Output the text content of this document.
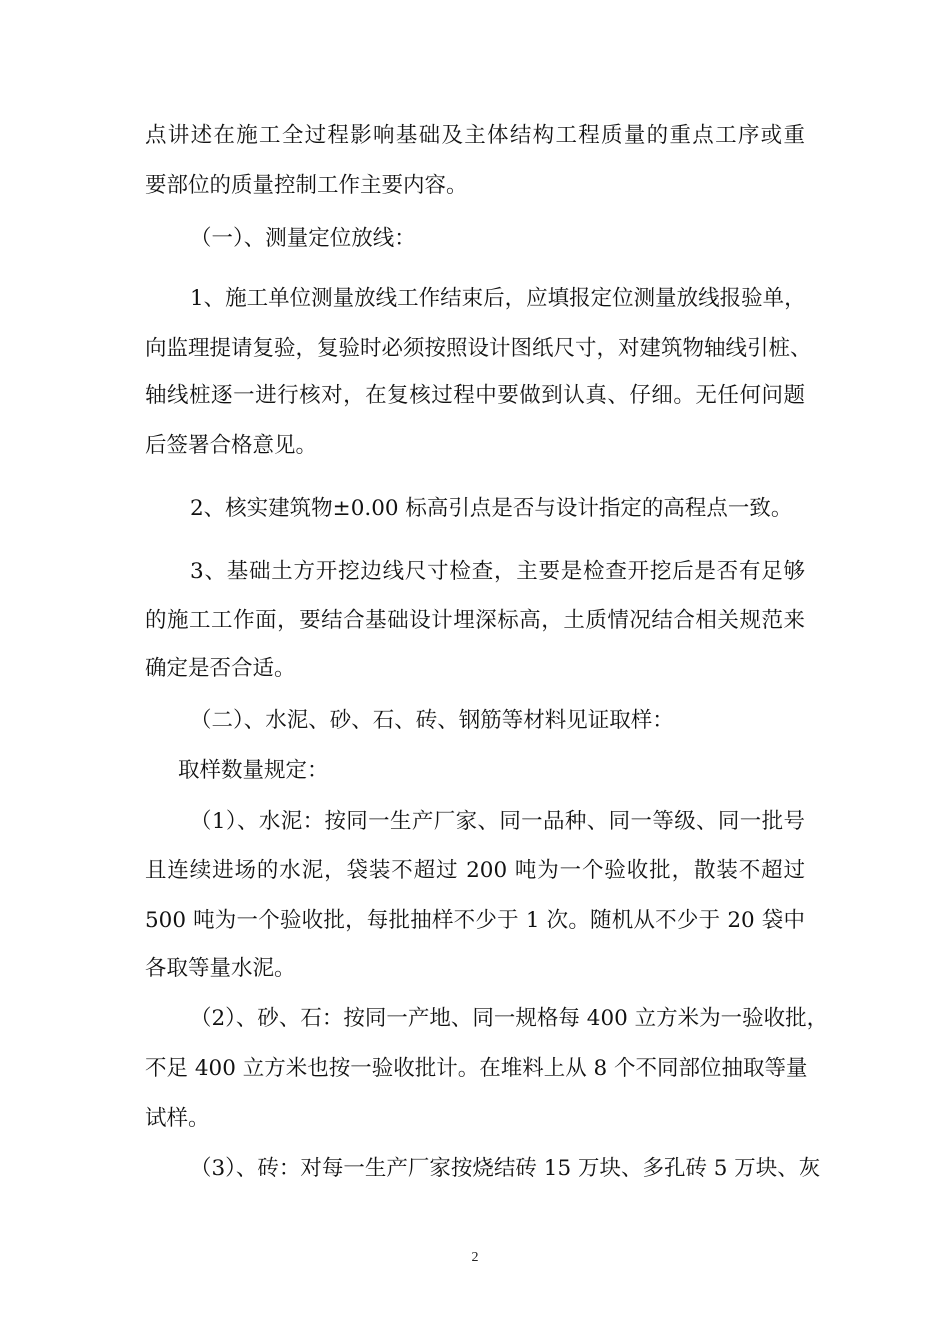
点讲述在施工全过程影响基础及主体结构工程质量的重点工序或重

要部位的质量控制工作主要内容。

（一）、测量定位放线：

1、施工单位测量放线工作结束后，应填报定位测量放线报验单，

向监理提请复验，复验时必须按照设计图纸尺寸，对建筑物轴线引桩、

轴线桩逐一进行核对，在复核过程中要做到认真、仔细。无任何问题

后签署合格意见。

2、核实建筑物±0.00 标高引点是否与设计指定的高程点一致。

3、基础土方开挖边线尺寸检查，主要是检查开挖后是否有足够

的施工工作面，要结合基础设计埋深标高，土质情况结合相关规范来

确定是否合适。

（二）、水泥、砂、石、砖、钢筋等材料见证取样：

取样数量规定：

（1）、水泥：按同一生产厂家、同一品种、同一等级、同一批号

且连续进场的水泥，袋装不超过 200 吨为一个验收批，散装不超过

500 吨为一个验收批，每批抽样不少于 1 次。随机从不少于 20 袋中

各取等量水泥。

（2）、砂、石：按同一产地、同一规格每 400 立方米为一验收批，

不足 400 立方米也按一验收批计。在堆料上从 8 个不同部位抽取等量

试样。

（3）、砖：对每一生产厂家按烧结砖 15 万块、多孔砖 5 万块、灰

2
